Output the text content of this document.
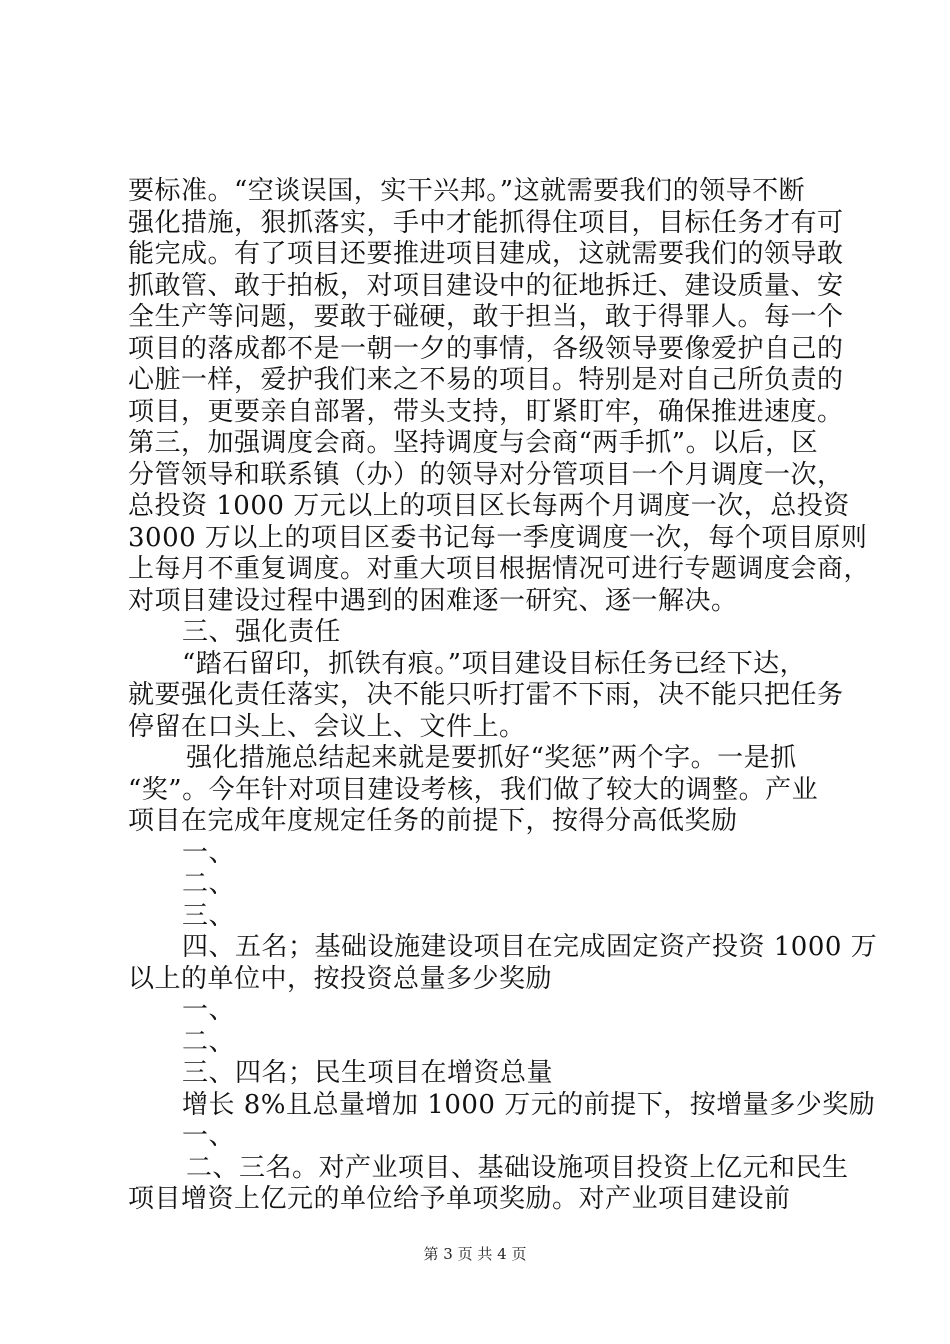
要标准。“空谈误国，实干兴邦。”这就需要我们的领导不断
强化措施，狠抓落实，手中才能抓得住项目，目标任务才有可
能完成。有了项目还要推进项目建成，这就需要我们的领导敢
抓敢管、敢于拍板，对项目建设中的征地拆迁、建设质量、安
全生产等问题，要敢于碰硬，敢于担当，敢于得罪人。每一个
项目的落成都不是一朝一夕的事情，各级领导要像爱护自己的
心脏一样，爱护我们来之不易的项目。特别是对自己所负责的
项目，更要亲自部署，带头支持，盯紧盯牢，确保推进速度。
第三，加强调度会商。坚持调度与会商“两手抓”。以后，区
分管领导和联系镇（办）的领导对分管项目一个月调度一次，
总投资 1000 万元以上的项目区长每两个月调度一次，总投资
3000 万以上的项目区委书记每一季度调度一次，每个项目原则
上每月不重复调度。对重大项目根据情况可进行专题调度会商，
对项目建设过程中遇到的困难逐一研究、逐一解决。
三、强化责任
“踏石留印，抓铁有痕。”项目建设目标任务已经下达，
就要强化责任落实，决不能只听打雷不下雨，决不能只把任务
停留在口头上、会议上、文件上。
强化措施总结起来就是要抓好“奖惩”两个字。一是抓
“奖”。今年针对项目建设考核，我们做了较大的调整。产业
项目在完成年度规定任务的前提下，按得分高低奖励
一、
二、
三、
四、五名；基础设施建设项目在完成固定资产投资 1000 万
以上的单位中，按投资总量多少奖励
一、
二、
三、四名；民生项目在增资总量
增长 8%且总量增加 1000 万元的前提下，按增量多少奖励
一、
二、三名。对产业项目、基础设施项目投资上亿元和民生
项目增资上亿元的单位给予单项奖励。对产业项目建设前
第 3 页 共 4 页
